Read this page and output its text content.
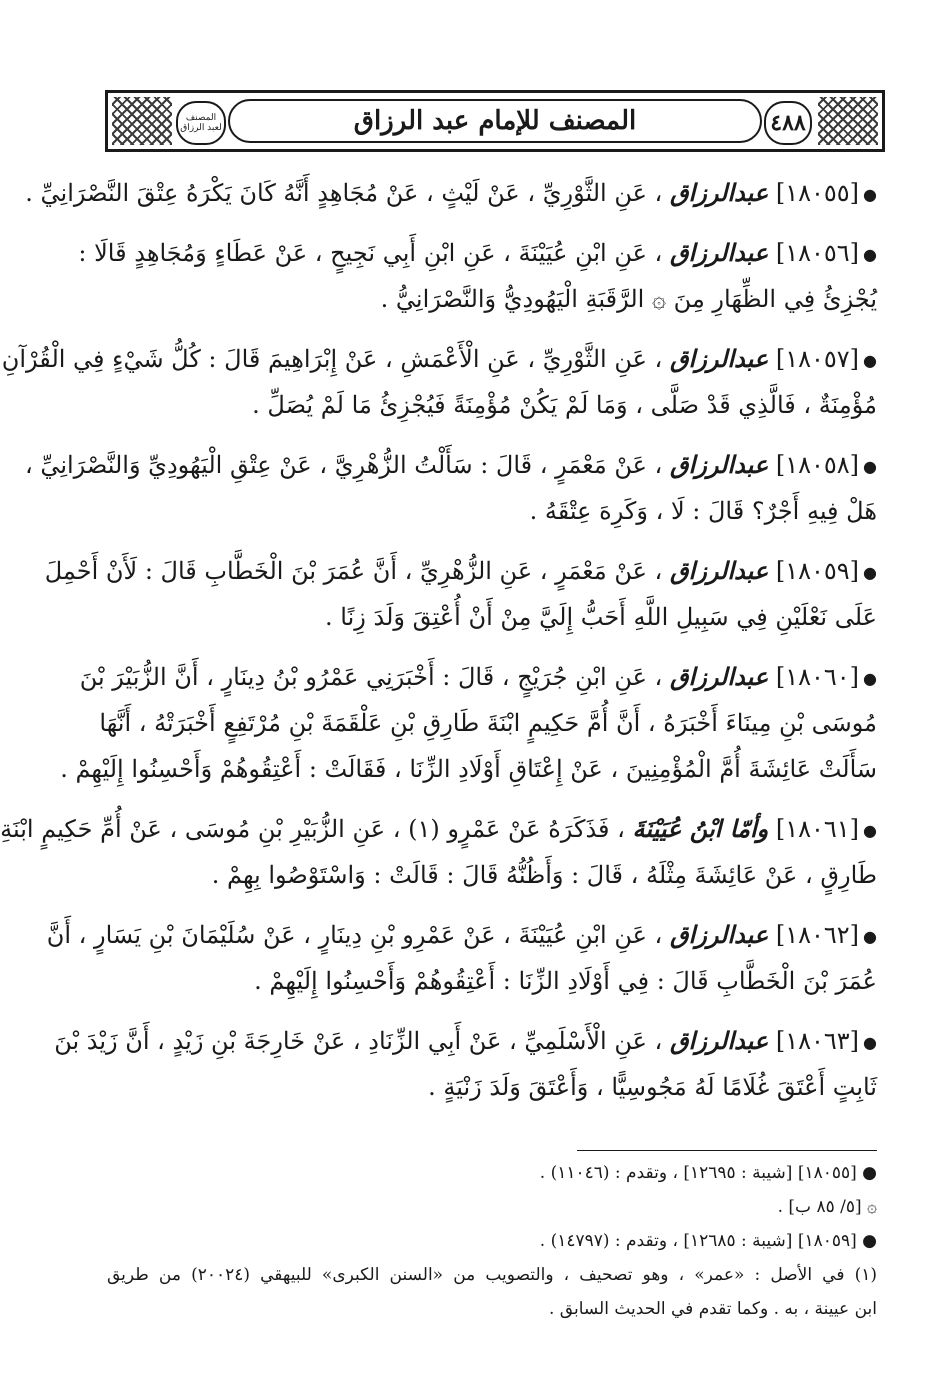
٤٨٨
المصنف للإمام عبد الرزاق
المصنف لعبد الرزاق
●[١٨٠٥٥] عبدالرزاق ، عَنِ الثَّوْرِيِّ ، عَنْ لَيْثٍ ، عَنْ مُجَاهِدٍ أَنَّهُ كَانَ يَكْرَهُ عِتْقَ النَّصْرَانِيِّ .
●[١٨٠٥٦] عبدالرزاق ، عَنِ ابْنِ عُيَيْنَةَ ، عَنِ ابْنِ أَبِي نَجِيحٍ ، عَنْ عَطَاءٍ وَمُجَاهِدٍ قَالَا :
يُجْزِئُ فِي الظِّهَارِ مِنَ ۞ الرَّقَبَةِ الْيَهُودِيُّ وَالنَّصْرَانِيُّ .
●[١٨٠٥٧] عبدالرزاق ، عَنِ الثَّوْرِيِّ ، عَنِ الْأَعْمَشِ ، عَنْ إِبْرَاهِيمَ قَالَ : كُلُّ شَيْءٍ فِي الْقُرْآنِ
مُؤْمِنَةٌ ، فَالَّذِي قَدْ صَلَّى ، وَمَا لَمْ يَكُنْ مُؤْمِنَةً فَيُجْزِئُ مَا لَمْ يُصَلِّ .
●[١٨٠٥٨] عبدالرزاق ، عَنْ مَعْمَرٍ ، قَالَ : سَأَلْتُ الزُّهْرِيَّ ، عَنْ عِتْقِ الْيَهُودِيِّ وَالنَّصْرَانِيِّ ،
هَلْ فِيهِ أَجْرٌ؟ قَالَ : لَا ، وَكَرِهَ عِتْقَهُ .
●[١٨٠٥٩] عبدالرزاق ، عَنْ مَعْمَرٍ ، عَنِ الزُّهْرِيِّ ، أَنَّ عُمَرَ بْنَ الْخَطَّابِ قَالَ : لَأَنْ أَحْمِلَ
عَلَى نَعْلَيْنِ فِي سَبِيلِ اللَّهِ أَحَبُّ إِلَيَّ مِنْ أَنْ أُعْتِقَ وَلَدَ زِنًا .
●[١٨٠٦٠] عبدالرزاق ، عَنِ ابْنِ جُرَيْجٍ ، قَالَ : أَخْبَرَنِي عَمْرُو بْنُ دِينَارٍ ، أَنَّ الزُّبَيْرَ بْنَ
مُوسَى بْنِ مِينَاءَ أَخْبَرَهُ ، أَنَّ أُمَّ حَكِيمٍ ابْنَةَ طَارِقِ بْنِ عَلْقَمَةَ بْنِ مُرْتَفِعٍ أَخْبَرَتْهُ ، أَنَّهَا
سَأَلَتْ عَائِشَةَ أُمَّ الْمُؤْمِنِينَ ، عَنْ إِعْتَاقِ أَوْلَادِ الزِّنَا ، فَقَالَتْ : أَعْتِقُوهُمْ وَأَحْسِنُوا إِلَيْهِمْ .
●[١٨٠٦١] وأمّا ابْنُ عُيَيْنَةَ ، فَذَكَرَهُ عَنْ عَمْرٍو (١) ، عَنِ الزُّبَيْرِ بْنِ مُوسَى ، عَنْ أُمِّ حَكِيمٍ ابْنَةِ
طَارِقٍ ، عَنْ عَائِشَةَ مِثْلَهُ ، قَالَ : وَأَظُنُّهُ قَالَ : قَالَتْ : وَاسْتَوْصُوا بِهِمْ .
●[١٨٠٦٢] عبدالرزاق ، عَنِ ابْنِ عُيَيْنَةَ ، عَنْ عَمْرِو بْنِ دِينَارٍ ، عَنْ سُلَيْمَانَ بْنِ يَسَارٍ ، أَنَّ
عُمَرَ بْنَ الْخَطَّابِ قَالَ : فِي أَوْلَادِ الزِّنَا : أَعْتِقُوهُمْ وَأَحْسِنُوا إِلَيْهِمْ .
●[١٨٠٦٣] عبدالرزاق ، عَنِ الْأَسْلَمِيِّ ، عَنْ أَبِي الزِّنَادِ ، عَنْ خَارِجَةَ بْنِ زَيْدٍ ، أَنَّ زَيْدَ بْنَ
ثَابِتٍ أَعْتَقَ غُلَامًا لَهُ مَجُوسِيًّا ، وَأَعْتَقَ وَلَدَ زَنْيَةٍ .
● [١٨٠٥٥] [شيبة : ١٢٦٩٥] ، وتقدم : (١١٠٤٦) .
۞ [٥/ ٨٥ ب] .
● [١٨٠٥٩] [شيبة : ١٢٦٨٥] ، وتقدم : (١٤٧٩٧) .
(١) في الأصل : «عمر» ، وهو تصحيف ، والتصويب من «السنن الكبرى» للبيهقي (٢٠٠٢٤) من طريق
ابن عيينة ، به . وكما تقدم في الحديث السابق .
